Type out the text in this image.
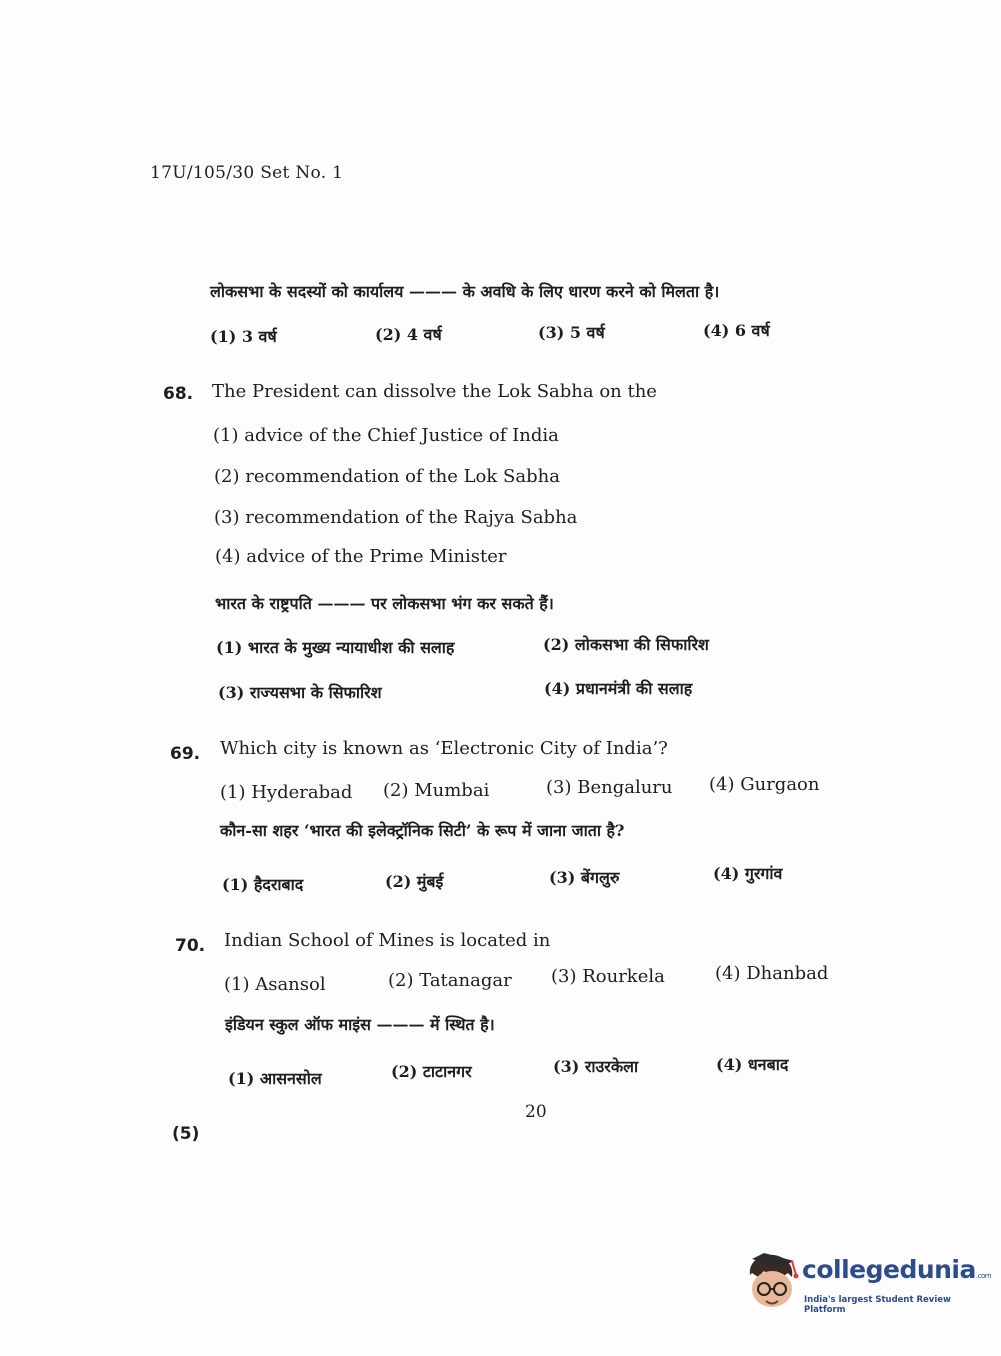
17U/105/30 Set No. 1
लोकसभा के सदस्यों को कार्यालय ——— के अवधि के लिए धारण करने को मिलता है।
(1) 3 वर्ष	(2) 4 वर्ष	(3) 5 वर्ष	(4) 6 वर्ष
68. The President can dissolve the Lok Sabha on the
(1) advice of the Chief Justice of India
(2) recommendation of the Lok Sabha
(3) recommendation of the Rajya Sabha
(4) advice of the Prime Minister
भारत के राष्ट्रपति ——— पर लोकसभा भंग कर सकते हैं।
(1) भारत के मुख्य न्यायाधीश की सलाह	(2) लोकसभा की सिफारिश
(3) राज्यसभा के सिफारिश	(4) प्रधानमंत्री की सलाह
69. Which city is known as ‘Electronic City of India’?
(1) Hyderabad (2) Mumbai	(3) Bengaluru (4) Gurgaon
कौन-सा शहर ‘भारत की इलेक्ट्रॉनिक सिटी’ के रूप में जाना जाता है?
(1) हैदराबाद	(2) मुंबई	(3) बेंगलुरु	(4) गुरगांव
70. Indian School of Mines is located in
(1) Asansol	(2) Tatanagar (3) Rourkela	(4) Dhanbad
इंडियन स्कुल ऑफ माइंस ——— में स्थित है।
(1) आसनसोल	(2) टाटानगर	(3) राउरकेला	(4) धनबाद
20
(5)
collegedunia.com
India's largest Student Review Platform
